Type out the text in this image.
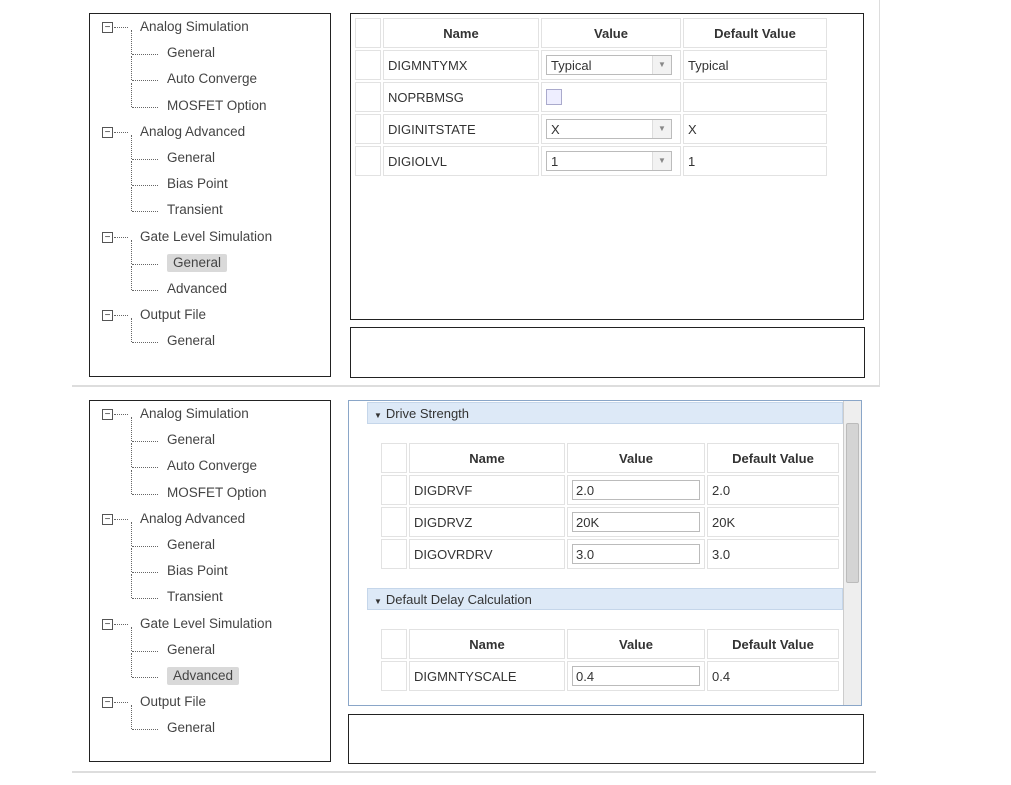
− Analog Simulation
General
Auto Converge
MOSFET Option
− Analog Advanced
General
Bias Point
Transient
− Gate Level Simulation
General
Advanced
− Output File
General
	Name	Value	Default Value
	DIGMNTYMX	Typical ▼	Typical
	NOPRBMSG		
	DIGINITSTATE	X ▼	X
	DIGIOLVL	1 ▼	1
− Analog Simulation
General
Auto Converge
MOSFET Option
− Analog Advanced
General
Bias Point
Transient
− Gate Level Simulation
General
Advanced
− Output File
General
▼ Drive Strength
	Name	Value	Default Value
	DIGDRVF	2.0	2.0
	DIGDRVZ	20K	20K
	DIGOVRDRV	3.0	3.0
▼ Default Delay Calculation
	Name	Value	Default Value
	DIGMNTYSCALE	0.4	0.4
